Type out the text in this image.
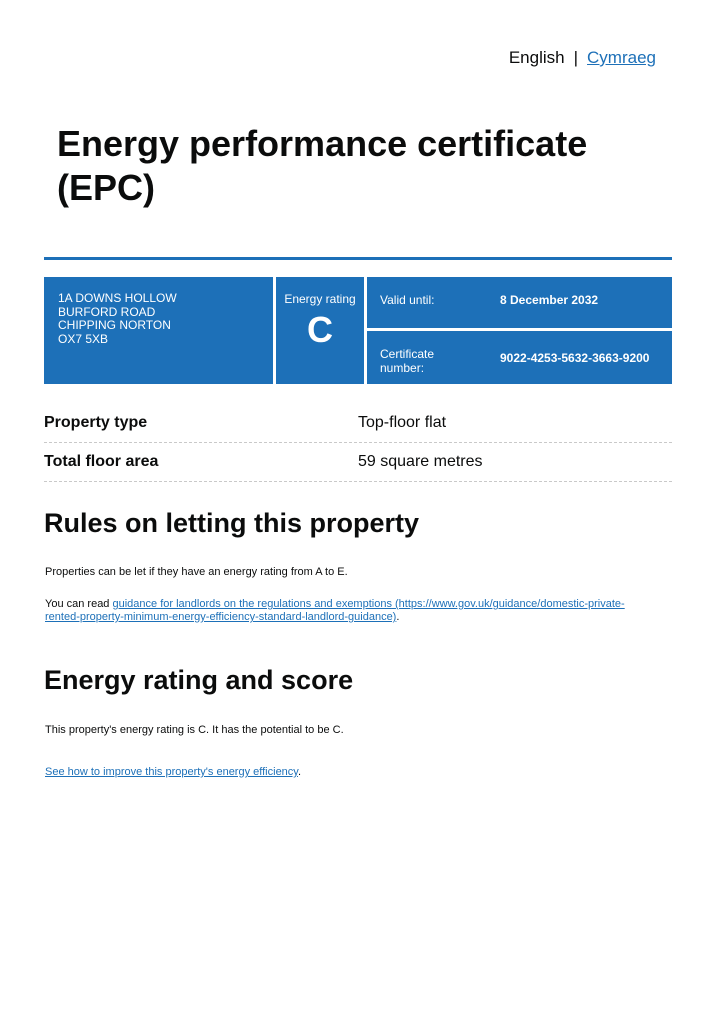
English | Cymraeg
Energy performance certificate (EPC)
1A DOWNS HOLLOW
BURFORD ROAD
CHIPPING NORTON
OX7 5XB
Energy rating
C
Valid until:	8 December 2032
Certificate number:
9022-4253-5632-3663-9200
Property type	Top-floor flat
Total floor area	59 square metres
Rules on letting this property
Properties can be let if they have an energy rating from A to E.
You can read guidance for landlords on the regulations and exemptions (https://www.gov.uk/guidance/domestic-private-rented-property-minimum-energy-efficiency-standard-landlord-guidance).
Energy rating and score
This property's energy rating is C. It has the potential to be C.
See how to improve this property's energy efficiency.
